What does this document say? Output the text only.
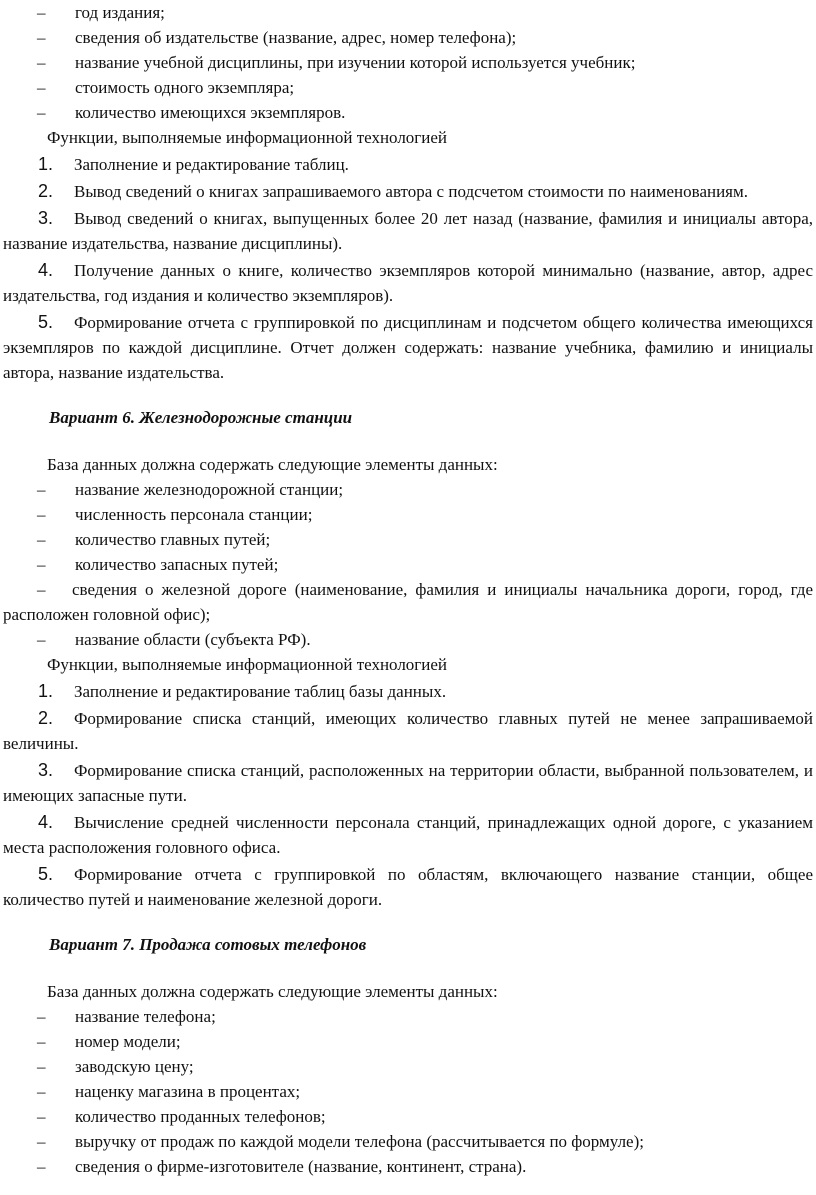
– год издания;
– сведения об издательстве (название, адрес, номер телефона);
– название учебной дисциплины, при изучении которой используется учебник;
– стоимость одного экземпляра;
– количество имеющихся экземпляров.
Функции, выполняемые информационной технологией
1. Заполнение и редактирование таблиц.
2. Вывод сведений о книгах запрашиваемого автора с подсчетом стоимости по наименованиям.
3. Вывод сведений о книгах, выпущенных более 20 лет назад (название, фамилия и инициалы автора, название издательства, название дисциплины).
4. Получение данных о книге, количество экземпляров которой минимально (название, автор, адрес издательства, год издания и количество экземпляров).
5. Формирование отчета с группировкой по дисциплинам и подсчетом общего количества имеющихся экземпляров по каждой дисциплине. Отчет должен содержать: название учебника, фамилию и инициалы автора, название издательства.
Вариант 6. Железнодорожные станции
База данных должна содержать следующие элементы данных:
– название железнодорожной станции;
– численность персонала станции;
– количество главных путей;
– количество запасных путей;
–	сведения о железной дороге (наименование, фамилия и инициалы начальника дороги, город, где расположен головной офис);
– название области (субъекта РФ).
Функции, выполняемые информационной технологией
1. Заполнение и редактирование таблиц базы данных.
2. Формирование списка станций, имеющих количество главных путей не менее запрашиваемой величины.
3. Формирование списка станций, расположенных на территории области, выбранной пользователем, и имеющих запасные пути.
4. Вычисление средней численности персонала станций, принадлежащих одной дороге, с указанием места расположения головного офиса.
5. Формирование отчета с группировкой по областям, включающего название станции, общее количество путей и наименование железной дороги.
Вариант 7. Продажа сотовых телефонов
База данных должна содержать следующие элементы данных:
– название телефона;
– номер модели;
– заводскую цену;
– наценку магазина в процентах;
– количество проданных телефонов;
– выручку от продаж по каждой модели телефона (рассчитывается по формуле);
– сведения о фирме-изготовителе (название, континент, страна).
